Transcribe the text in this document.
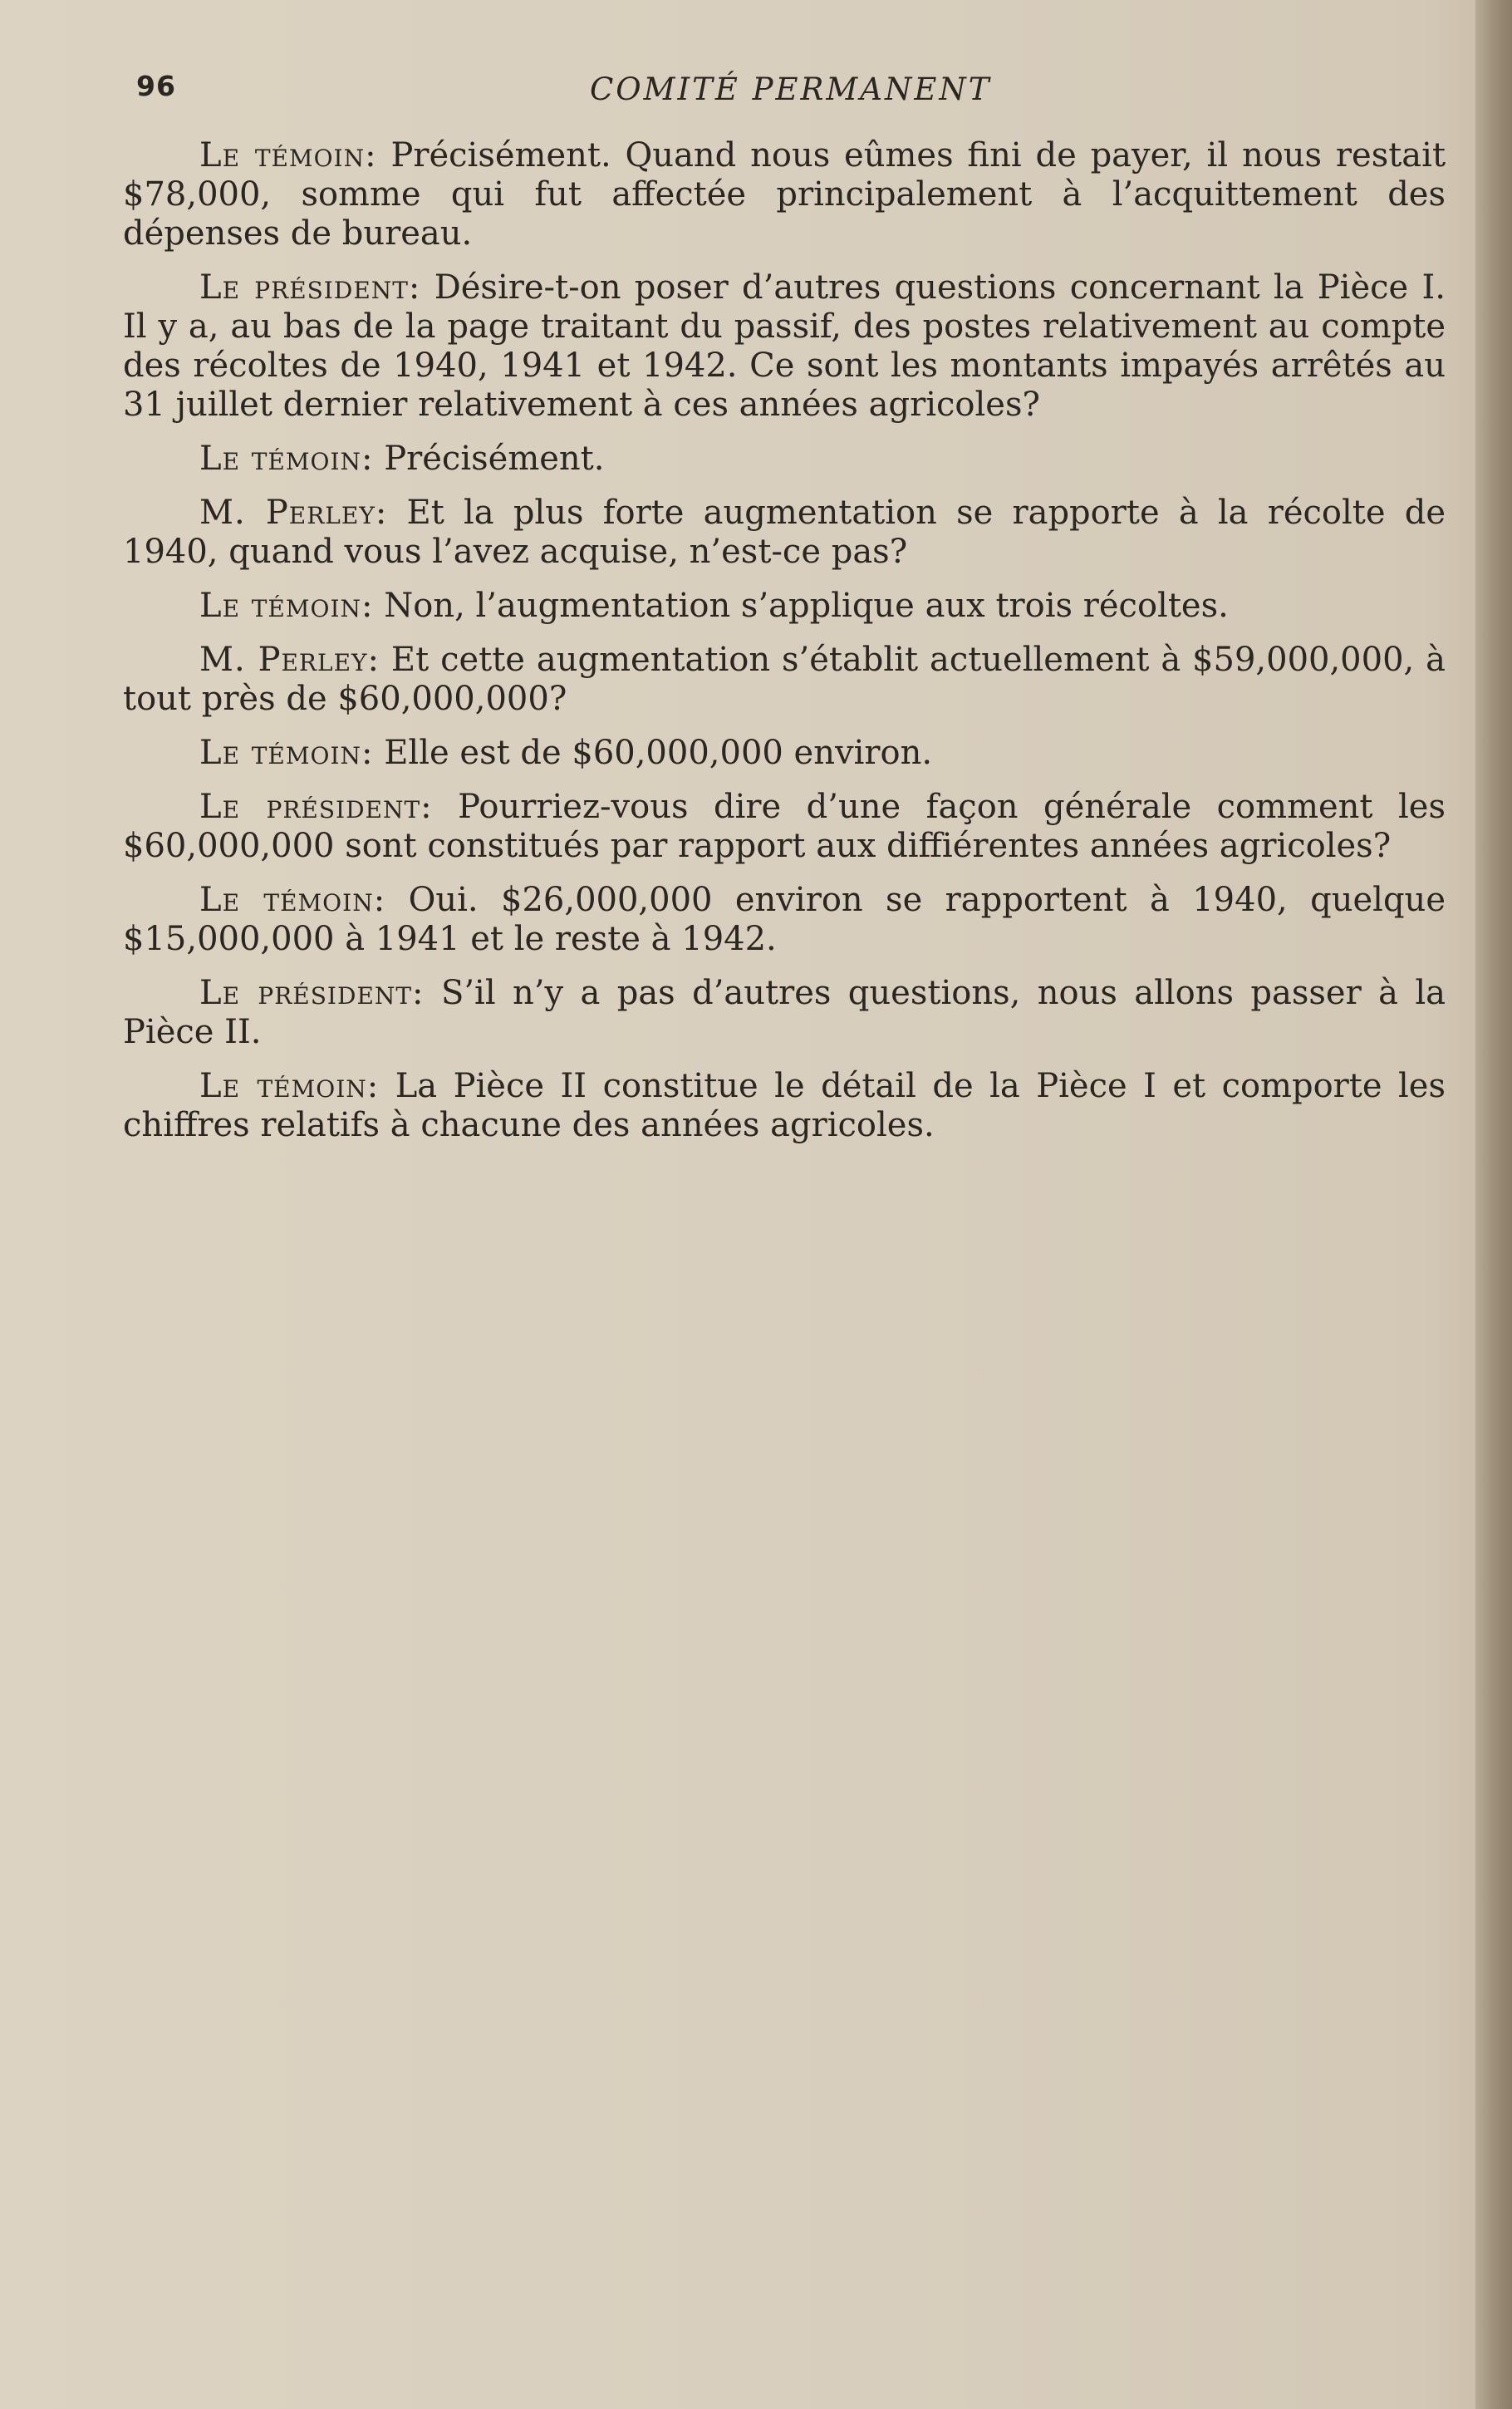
96	COMITÉ PERMANENT

Le témoin: Précisément. Quand nous eûmes fini de payer, il nous restait $78,000, somme qui fut affectée principalement à l’acquittement des dépenses de bureau.

Le président: Désire-t-on poser d’autres questions concernant la Pièce I. Il y a, au bas de la page traitant du passif, des postes relativement au compte des récoltes de 1940, 1941 et 1942. Ce sont les montants impayés arrêtés au 31 juillet dernier relativement à ces années agricoles?

Le témoin: Précisément.

M. Perley: Et la plus forte augmentation se rapporte à la récolte de 1940, quand vous l’avez acquise, n’est-ce pas?

Le témoin: Non, l’augmentation s’applique aux trois récoltes.

M. Perley: Et cette augmentation s’établit actuellement à $59,000,000, à tout près de $60,000,000?

Le témoin: Elle est de $60,000,000 environ.

Le président: Pourriez-vous dire d’une façon générale comment les $60,000,000 sont constitués par rapport aux diffiérentes années agricoles?

Le témoin: Oui. $26,000,000 environ se rapportent à 1940, quelque $15,000,000 à 1941 et le reste à 1942.

Le président: S’il n’y a pas d’autres questions, nous allons passer à la Pièce II.

Le témoin: La Pièce II constitue le détail de la Pièce I et comporte les chiffres relatifs à chacune des années agricoles.
